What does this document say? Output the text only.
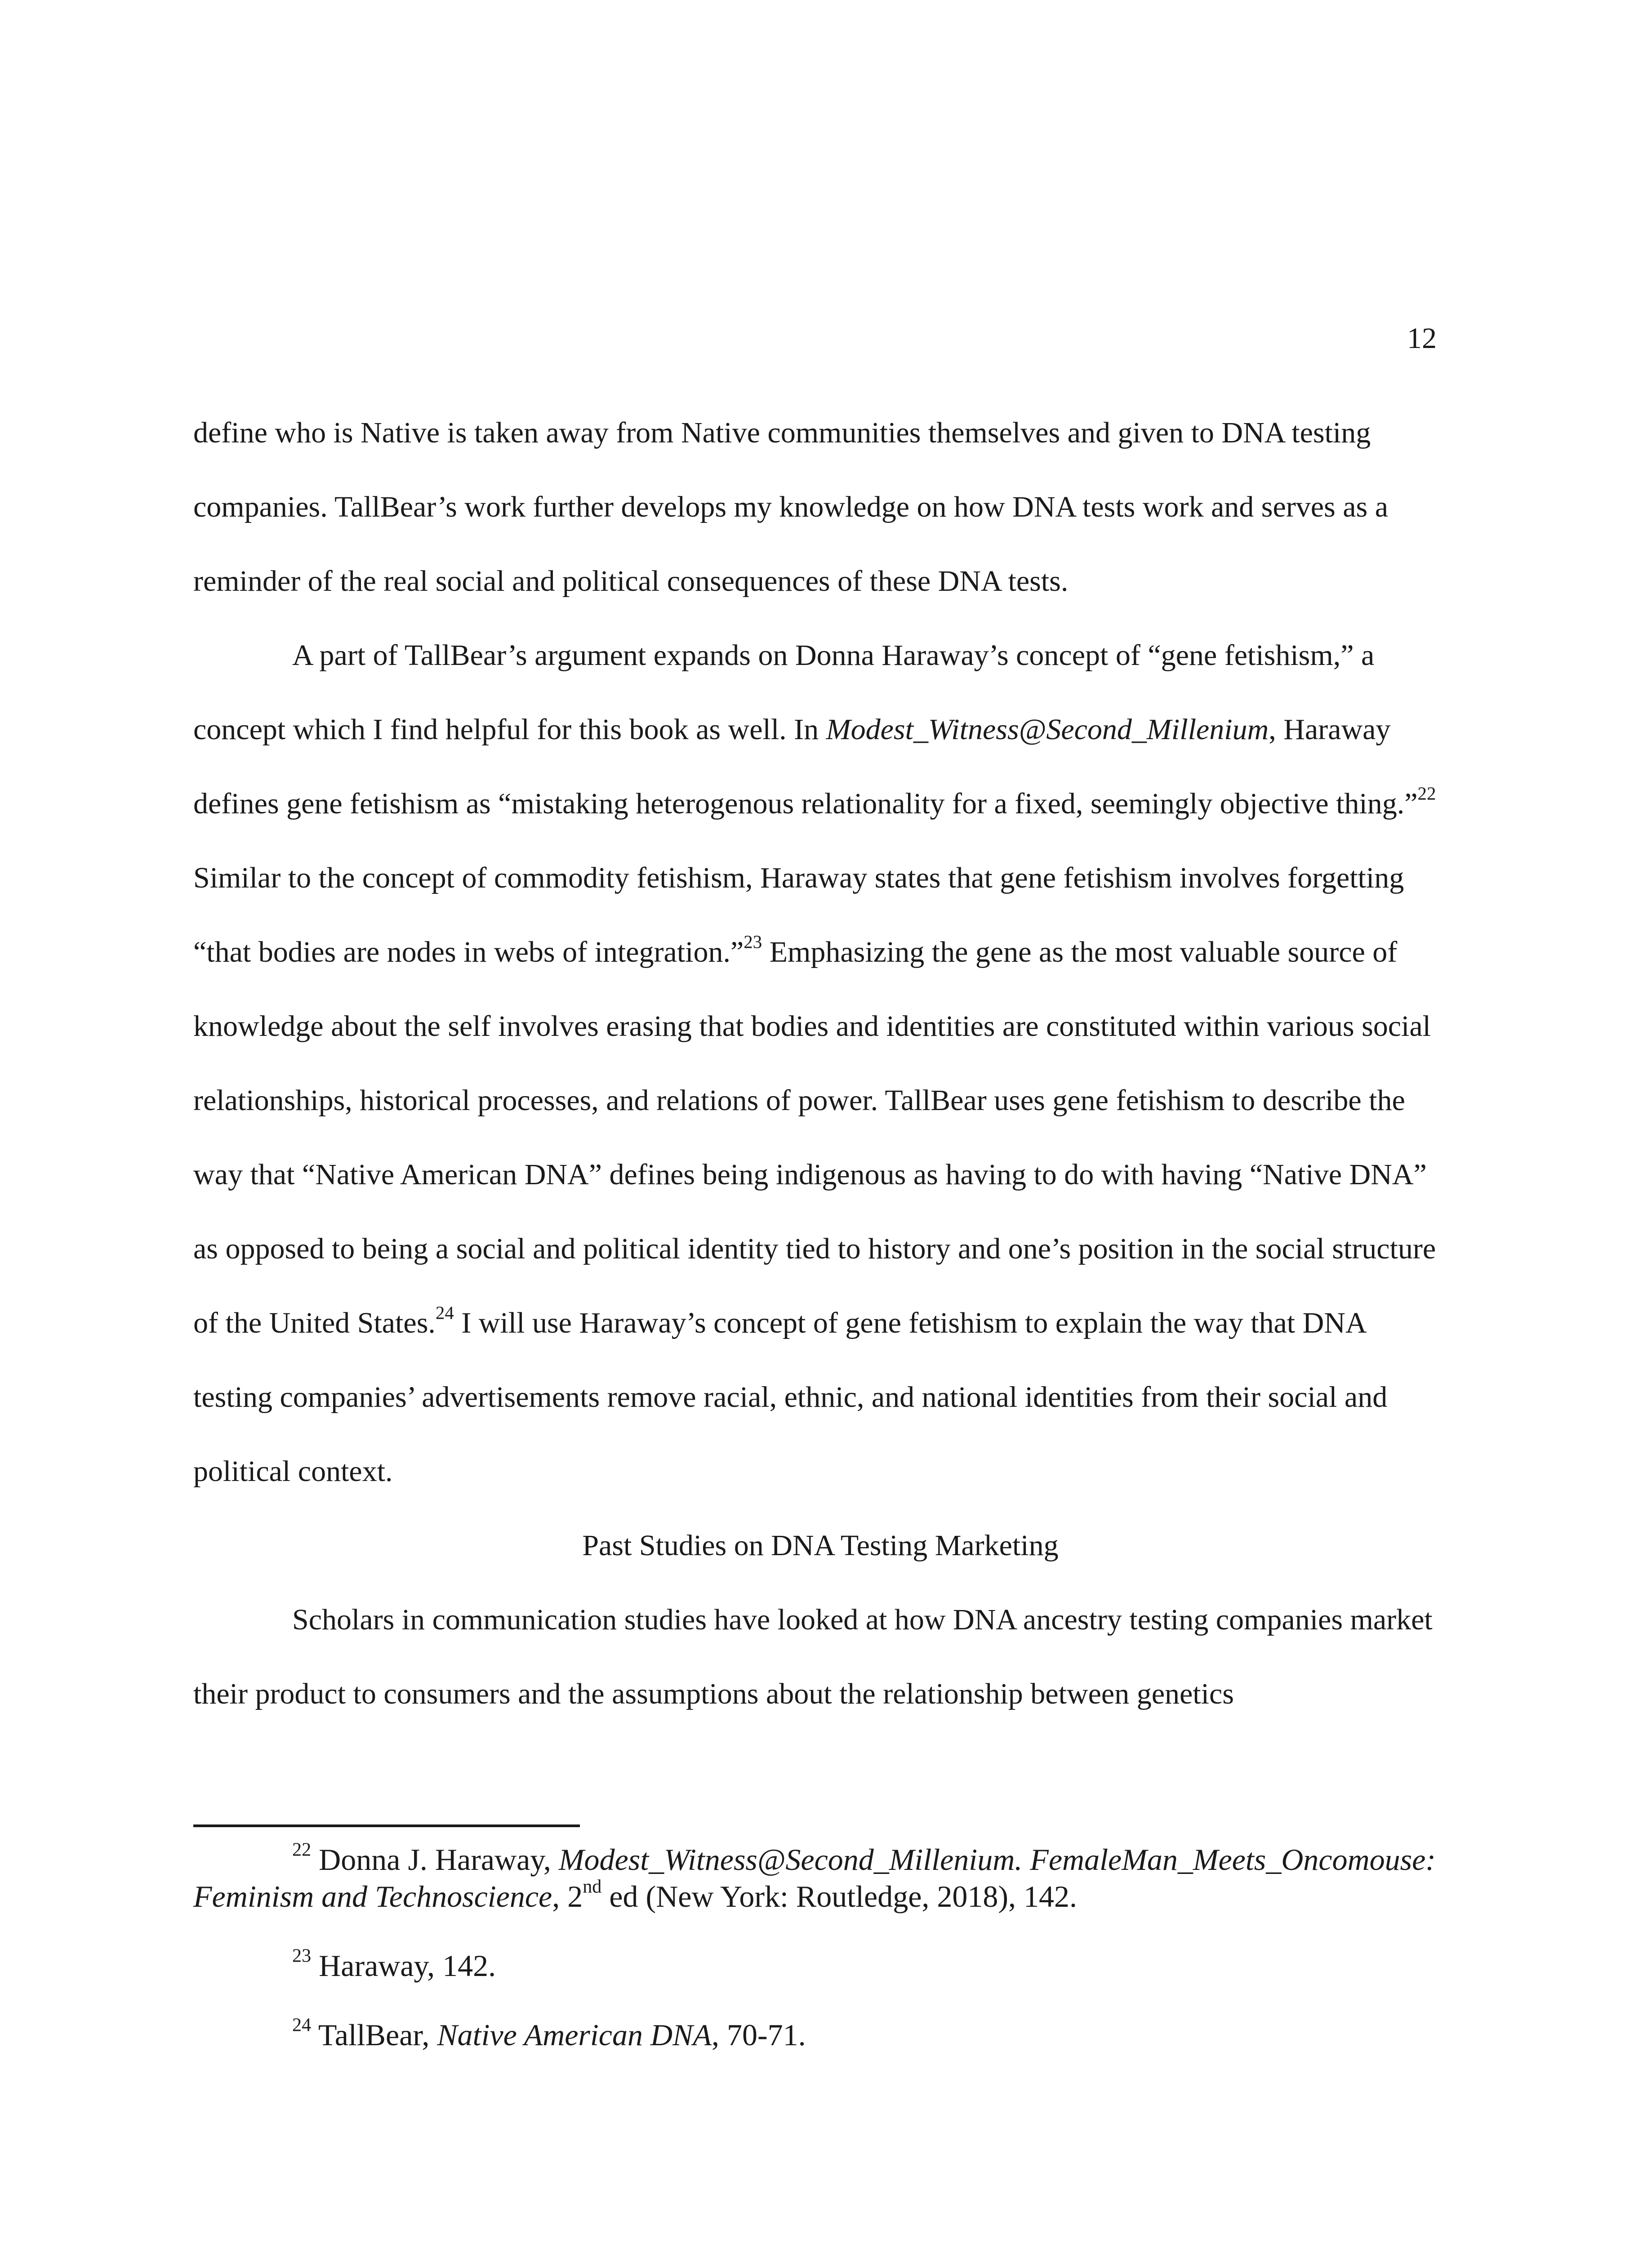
12

define who is Native is taken away from Native communities themselves and given to DNA testing companies. TallBear’s work further develops my knowledge on how DNA tests work and serves as a reminder of the real social and political consequences of these DNA tests.

A part of TallBear’s argument expands on Donna Haraway’s concept of “gene fetishism,” a concept which I find helpful for this book as well. In Modest_Witness@Second_Millenium, Haraway defines gene fetishism as “mistaking heterogenous relationality for a fixed, seemingly objective thing.”$^{22}$ Similar to the concept of commodity fetishism, Haraway states that gene fetishism involves forgetting “that bodies are nodes in webs of integration.”$^{23}$ Emphasizing the gene as the most valuable source of knowledge about the self involves erasing that bodies and identities are constituted within various social relationships, historical processes, and relations of power. TallBear uses gene fetishism to describe the way that “Native American DNA” defines being indigenous as having to do with having “Native DNA” as opposed to being a social and political identity tied to history and one’s position in the social structure of the United States.$^{24}$ I will use Haraway’s concept of gene fetishism to explain the way that DNA testing companies’ advertisements remove racial, ethnic, and national identities from their social and political context.

Past Studies on DNA Testing Marketing

Scholars in communication studies have looked at how DNA ancestry testing companies market their product to consumers and the assumptions about the relationship between genetics

$^{22}$ Donna J. Haraway, Modest_Witness@Second_Millenium. FemaleMan_Meets_Oncomouse: Feminism and Technoscience, 2nd ed (New York: Routledge, 2018), 142.

$^{23}$ Haraway, 142.

$^{24}$ TallBear, Native American DNA, 70-71.
